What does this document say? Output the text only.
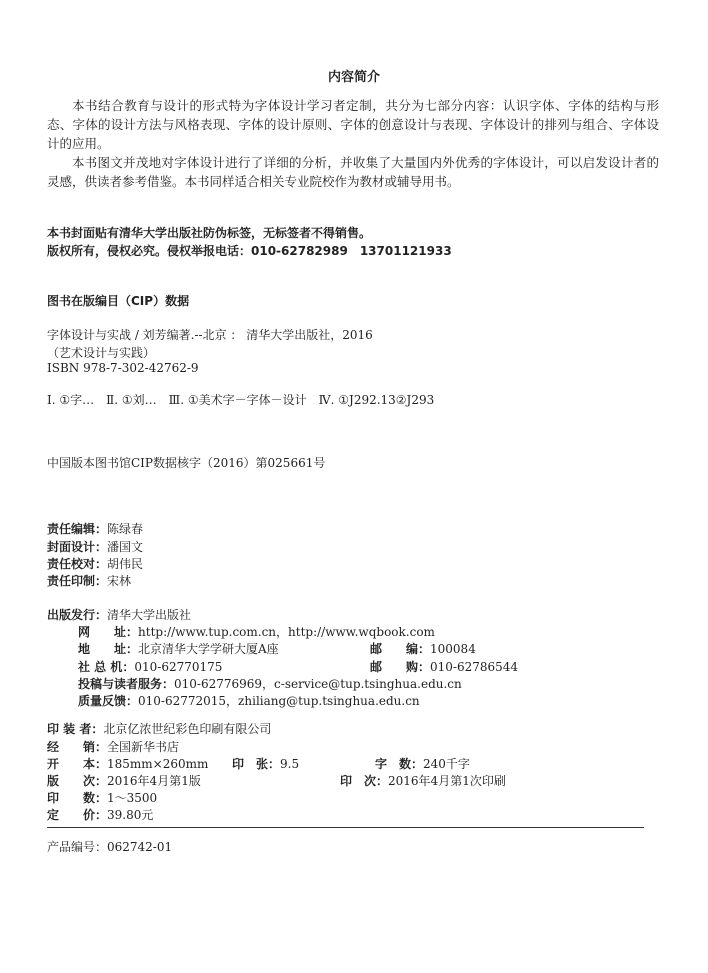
内容简介
本书结合教育与设计的形式特为字体设计学习者定制，共分为七部分内容：认识字体、字体的结构与形态、字体的设计方法与风格表现、字体的设计原则、字体的创意设计与表现、字体设计的排列与组合、字体设计的应用。
本书图文并茂地对字体设计进行了详细的分析，并收集了大量国内外优秀的字体设计，可以启发设计者的灵感，供读者参考借鉴。本书同样适合相关专业院校作为教材或辅导用书。
本书封面贴有清华大学出版社防伪标签，无标签者不得销售。
版权所有，侵权必究。侵权举报电话：010-62782989　13701121933
图书在版编目（CIP）数据
字体设计与实战 / 刘芳编著.--北京 ： 清华大学出版社，2016
（艺术设计与实践）
ISBN 978-7-302-42762-9
Ⅰ. ①字…　Ⅱ. ①刘…　Ⅲ. ①美术字－字体－设计　Ⅳ. ①J292.13②J293
中国版本图书馆CIP数据核字（2016）第025661号
责任编辑：陈绿春
封面设计：潘国文
责任校对：胡伟民
责任印制：宋林
出版发行：清华大学出版社
网　　址：http://www.tup.com.cn，http://www.wqbook.com
地　　址：北京清华大学学研大厦A座	邮　　编：100084
社 总 机：010-62770175	邮　　购：010-62786544
投稿与读者服务：010-62776969，c-service@tup.tsinghua.edu.cn
质量反馈：010-62772015，zhiliang@tup.tsinghua.edu.cn
印 装 者：北京亿浓世纪彩色印刷有限公司
经　　销：全国新华书店
开　　本：185mm×260mm 印　张：9.5	字　数：240千字
版　　次：2016年4月第1版	印　次：2016年4月第1次印刷
印　　数：1～3500
定　　价：39.80元
产品编号：062742-01
